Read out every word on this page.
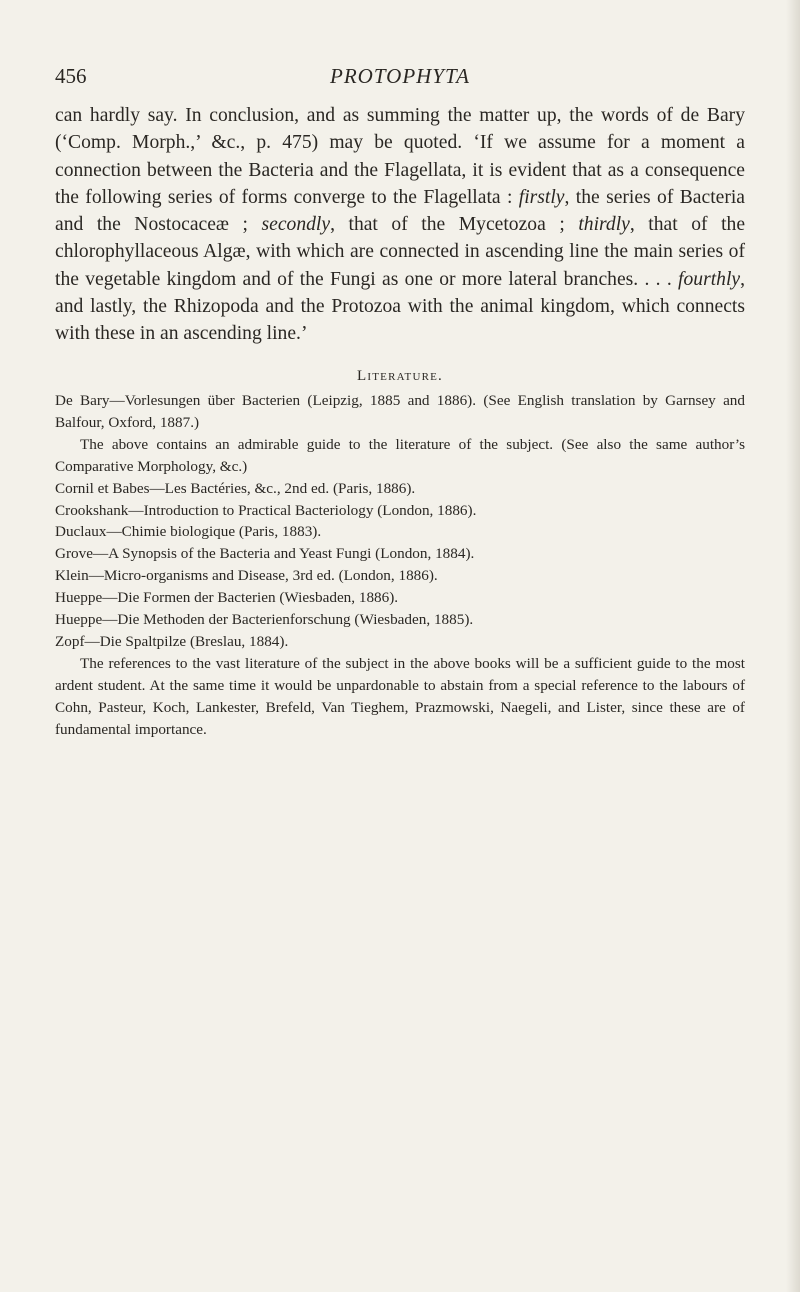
456	PROTOPHYTA

can hardly say. In conclusion, and as summing the matter up, the words of de Bary (‘Comp. Morph.,’ &c., p. 475) may be quoted. ‘If we assume for a moment a connection between the Bacteria and the Flagellata, it is evident that as a consequence the following series of forms converge to the Flagellata : firstly, the series of Bacteria and the Nostocaceæ ; secondly, that of the Mycetozoa ; thirdly, that of the chlorophyllaceous Algæ, with which are connected in ascending line the main series of the vegetable kingdom and of the Fungi as one or more lateral branches. . . . fourthly, and lastly, the Rhizopoda and the Protozoa with the animal kingdom, which connects with these in an ascending line.’

Literature.

De Bary—Vorlesungen über Bacterien (Leipzig, 1885 and 1886). (See English translation by Garnsey and Balfour, Oxford, 1887.)

The above contains an admirable guide to the literature of the subject. (See also the same author’s Comparative Morphology, &c.)

Cornil et Babes—Les Bactéries, &c., 2nd ed. (Paris, 1886).

Crookshank—Introduction to Practical Bacteriology (London, 1886).

Duclaux—Chimie biologique (Paris, 1883).

Grove—A Synopsis of the Bacteria and Yeast Fungi (London, 1884).

Klein—Micro-organisms and Disease, 3rd ed. (London, 1886).

Hueppe—Die Formen der Bacterien (Wiesbaden, 1886).

Hueppe—Die Methoden der Bacterienforschung (Wiesbaden, 1885).

Zopf—Die Spaltpilze (Breslau, 1884).

The references to the vast literature of the subject in the above books will be a sufficient guide to the most ardent student. At the same time it would be unpardonable to abstain from a special reference to the labours of Cohn, Pasteur, Koch, Lankester, Brefeld, Van Tieghem, Prazmowski, Naegeli, and Lister, since these are of fundamental importance.
